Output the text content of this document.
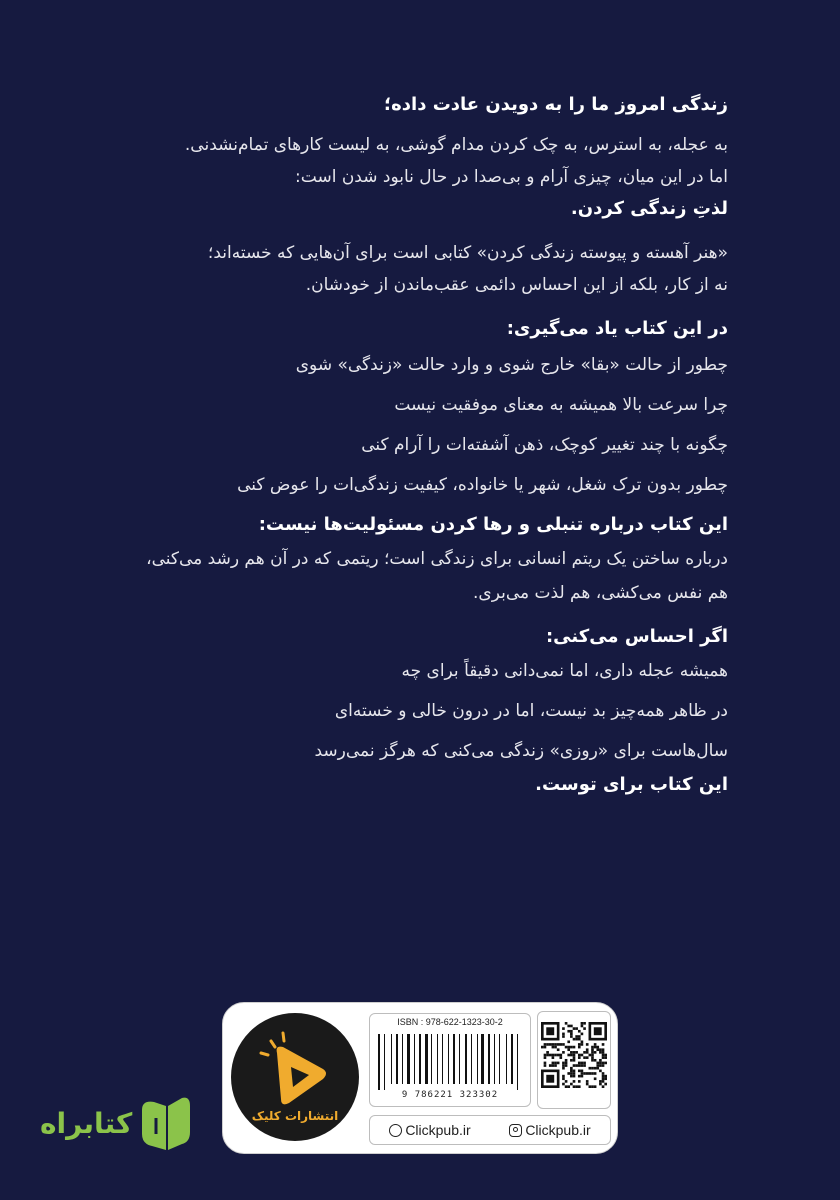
زندگی امروز ما را به دویدن عادت داده؛

به عجله، به استرس، به چک کردن مدام گوشی، به لیست کارهای تمام‌نشدنی.

اما در این میان، چیزی آرام و بی‌صدا در حال نابود شدن است:

لذتِ زندگی کردن.

«هنر آهسته و پیوسته زندگی کردن» کتابی است برای آن‌هایی که خسته‌اند؛

نه از کار، بلکه از این احساس دائمی عقب‌ماندن از خودشان.

در این کتاب یاد می‌گیری:

چطور از حالت «بقا» خارج شوی و وارد حالت «زندگی» شوی

چرا سرعت بالا همیشه به معنای موفقیت نیست

چگونه با چند تغییر کوچک، ذهن آشفته‌ات را آرام کنی

چطور بدون ترک شغل، شهر یا خانواده، کیفیت زندگی‌ات را عوض کنی

این کتاب درباره تنبلی و رها کردن مسئولیت‌ها نیست:

درباره ساختن یک ریتم انسانی برای زندگی است؛ ریتمی که در آن هم رشد می‌کنی،

هم نفس می‌کشی، هم لذت می‌بری.

اگر احساس می‌کنی:

همیشه عجله داری، اما نمی‌دانی دقیقاً برای چه

در ظاهر همه‌چیز بد نیست، اما در درون خالی و خسته‌ای

سال‌هاست برای «روزی» زندگی می‌کنی که هرگز نمی‌رسد

این کتاب برای توست.

انتشارات کلیک
ISBN : 978-622-1323-30-2
9 786221 323302
Clickpub.ir	Clickpub.ir
کتابراه
